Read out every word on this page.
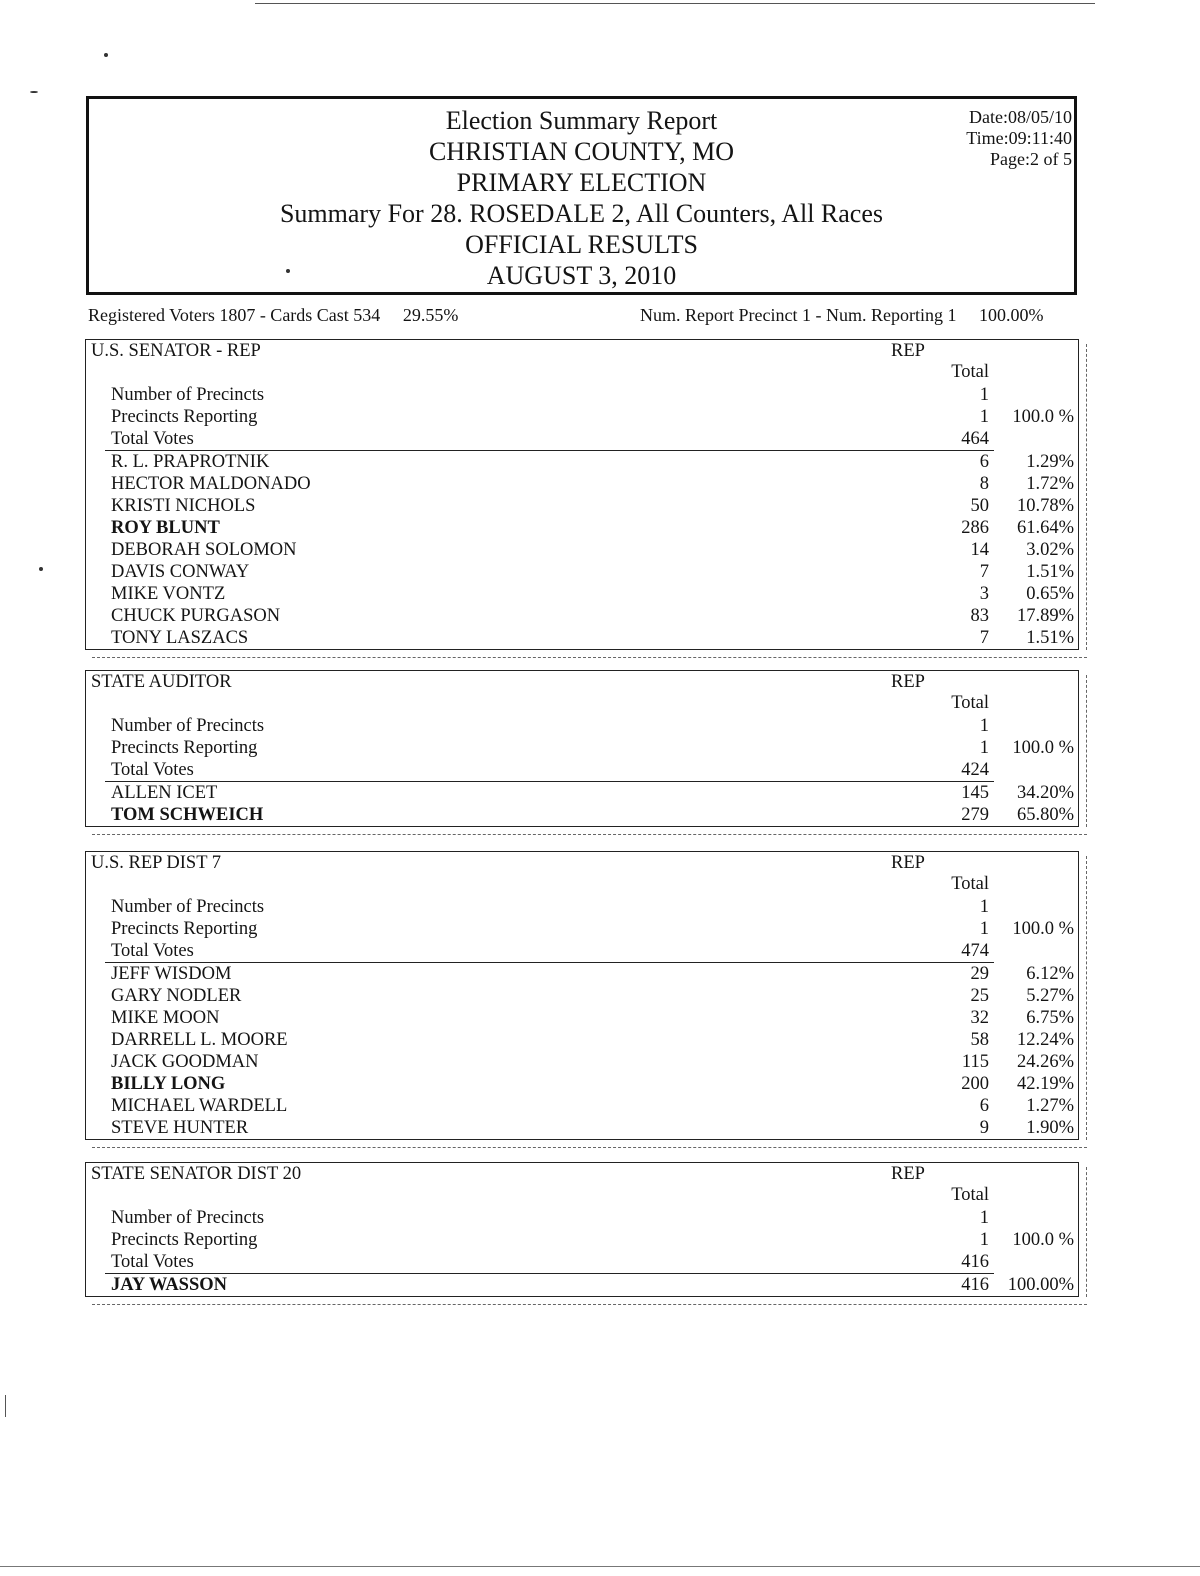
Election Summary Report
CHRISTIAN COUNTY, MO
PRIMARY ELECTION
Summary For 28. ROSEDALE 2, All Counters, All Races
OFFICIAL RESULTS
AUGUST 3, 2010
Date:08/05/10
Time:09:11:40
Page:2 of 5
Registered Voters 1807 - Cards Cast 534 29.55%	Num. Report Precinct 1 - Num. Reporting 1 100.00%
U.S. SENATOR - REP	REP
Total
Number of Precincts	1
Precincts Reporting	1	100.0 %
Total Votes	464
R. L. PRAPROTNIK	6	1.29%
HECTOR MALDONADO	8	1.72%
KRISTI NICHOLS	50	10.78%
ROY BLUNT	286	61.64%
DEBORAH SOLOMON	14	3.02%
DAVIS CONWAY	7	1.51%
MIKE VONTZ	3	0.65%
CHUCK PURGASON	83	17.89%
TONY LASZACS	7	1.51%
STATE AUDITOR	REP
Total
Number of Precincts	1
Precincts Reporting	1	100.0 %
Total Votes	424
ALLEN ICET	145	34.20%
TOM SCHWEICH	279	65.80%
U.S. REP DIST 7	REP
Total
Number of Precincts	1
Precincts Reporting	1	100.0 %
Total Votes	474
JEFF WISDOM	29	6.12%
GARY NODLER	25	5.27%
MIKE MOON	32	6.75%
DARRELL L. MOORE	58	12.24%
JACK GOODMAN	115	24.26%
BILLY LONG	200	42.19%
MICHAEL WARDELL	6	1.27%
STEVE HUNTER	9	1.90%
STATE SENATOR DIST 20	REP
Total
Number of Precincts	1
Precincts Reporting	1	100.0 %
Total Votes	416
JAY WASSON	416	100.00%
